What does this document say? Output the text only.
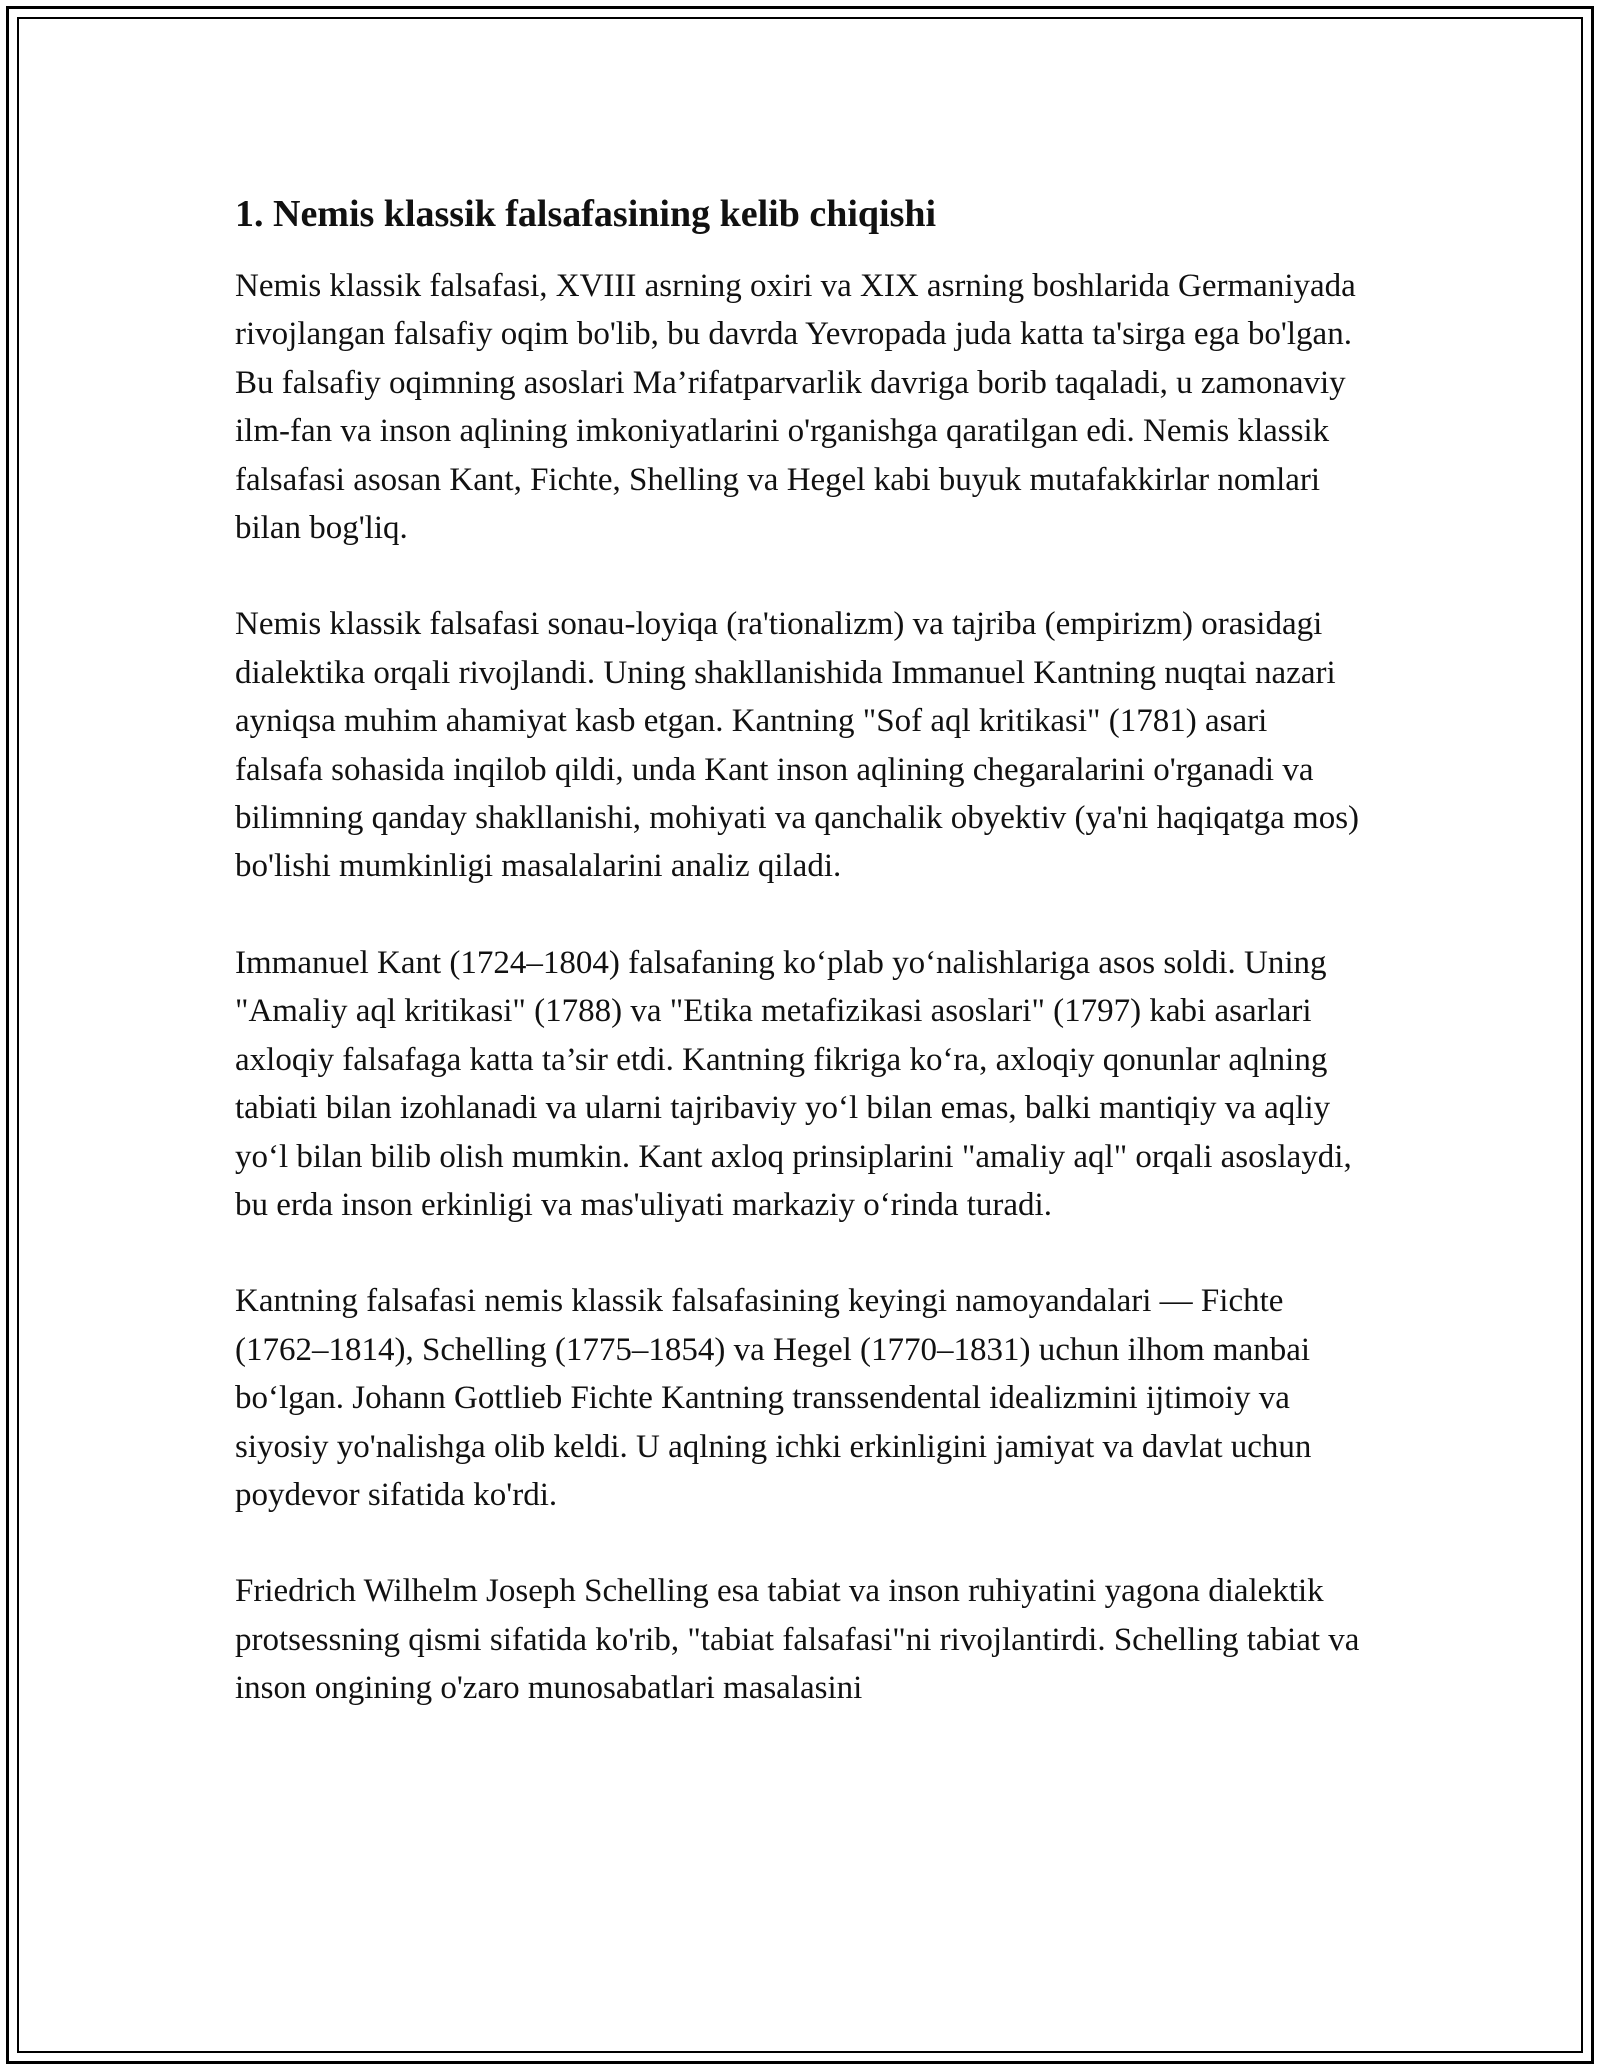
1. Nemis klassik falsafasining kelib chiqishi

Nemis klassik falsafasi, XVIII asrning oxiri va XIX asrning boshlarida Germaniyada rivojlangan falsafiy oqim bo'lib, bu davrda Yevropada juda katta ta'sirga ega bo'lgan. Bu falsafiy oqimning asoslari Ma’rifatparvarlik davriga borib taqaladi, u zamonaviy ilm-fan va inson aqlining imkoniyatlarini o'rganishga qaratilgan edi. Nemis klassik falsafasi asosan Kant, Fichte, Shelling va Hegel kabi buyuk mutafakkirlar nomlari bilan bog'liq.

Nemis klassik falsafasi sonau-loyiqa (ra'tionalizm) va tajriba (empirizm) orasidagi dialektika orqali rivojlandi. Uning shakllanishida Immanuel Kantning nuqtai nazari ayniqsa muhim ahamiyat kasb etgan. Kantning "Sof aql kritikasi" (1781) asari falsafa sohasida inqilob qildi, unda Kant inson aqlining chegaralarini o'rganadi va bilimning qanday shakllanishi, mohiyati va qanchalik obyektiv (ya'ni haqiqatga mos) bo'lishi mumkinligi masalalarini analiz qiladi.

Immanuel Kant (1724–1804) falsafaning ko‘plab yo‘nalishlariga asos soldi. Uning "Amaliy aql kritikasi" (1788) va "Etika metafizikasi asoslari" (1797) kabi asarlari axloqiy falsafaga katta ta’sir etdi. Kantning fikriga ko‘ra, axloqiy qonunlar aqlning tabiati bilan izohlanadi va ularni tajribaviy yo‘l bilan emas, balki mantiqiy va aqliy yo‘l bilan bilib olish mumkin. Kant axloq prinsiplarini "amaliy aql" orqali asoslaydi, bu erda inson erkinligi va mas'uliyati markaziy o‘rinda turadi.

Kantning falsafasi nemis klassik falsafasining keyingi namoyandalari — Fichte (1762–1814), Schelling (1775–1854) va Hegel (1770–1831) uchun ilhom manbai bo‘lgan. Johann Gottlieb Fichte Kantning transsendental idealizmini ijtimoiy va siyosiy yo'nalishga olib keldi. U aqlning ichki erkinligini jamiyat va davlat uchun poydevor sifatida ko'rdi.

Friedrich Wilhelm Joseph Schelling esa tabiat va inson ruhiyatini yagona dialektik protsessning qismi sifatida ko'rib, "tabiat falsafasi"ni rivojlantirdi. Schelling tabiat va inson ongining o'zaro munosabatlari masalasini
